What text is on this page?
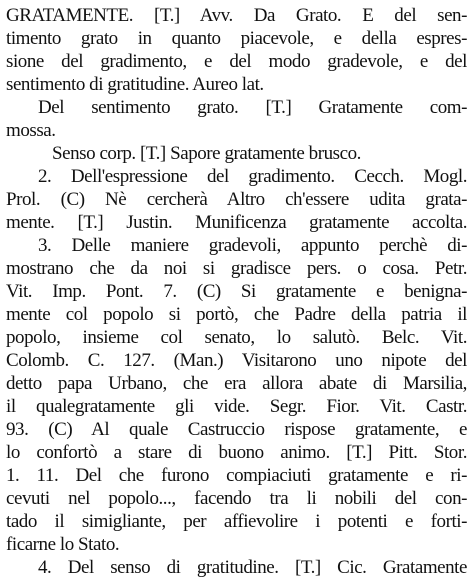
GRATAMENTE. [T.] Avv. Da Grato. E del sen-
timento grato in quanto piacevole, e della espres-
sione del gradimento, e del modo gradevole, e del
sentimento di gratitudine. Aureo lat.
Del sentimento grato. [T.] Gratamente com-
mossa.
Senso corp. [T.] Sapore gratamente brusco.
2. Dell'espressione del gradimento. Cecch. Mogl.
Prol. (C) Nè cercherà Altro ch'essere udita grata-
mente. [T.] Justin. Munificenza gratamente accolta.
3. Delle maniere gradevoli, appunto perchè di-
mostrano che da noi si gradisce pers. o cosa. Petr.
Vit. Imp. Pont. 7. (C) Si gratamente e benigna-
mente col popolo si portò, che Padre della patria il
popolo, insieme col senato, lo salutò. Belc. Vit.
Colomb. C. 127. (Man.) Visitarono uno nipote del
detto papa Urbano, che era allora abate di Marsilia,
il qualegratamente gli vide. Segr. Fior. Vit. Castr.
93. (C) Al quale Castruccio rispose gratamente, e
lo confortò a stare di buono animo. [T.] Pitt. Stor.
1. 11. Del che furono compiaciuti gratamente e ri-
cevuti nel popolo..., facendo tra li nobili del con-
tado il simigliante, per affievolire i potenti e forti-
ficarne lo Stato.
4. Del senso di gratitudine. [T.] Cic. Gratamente
